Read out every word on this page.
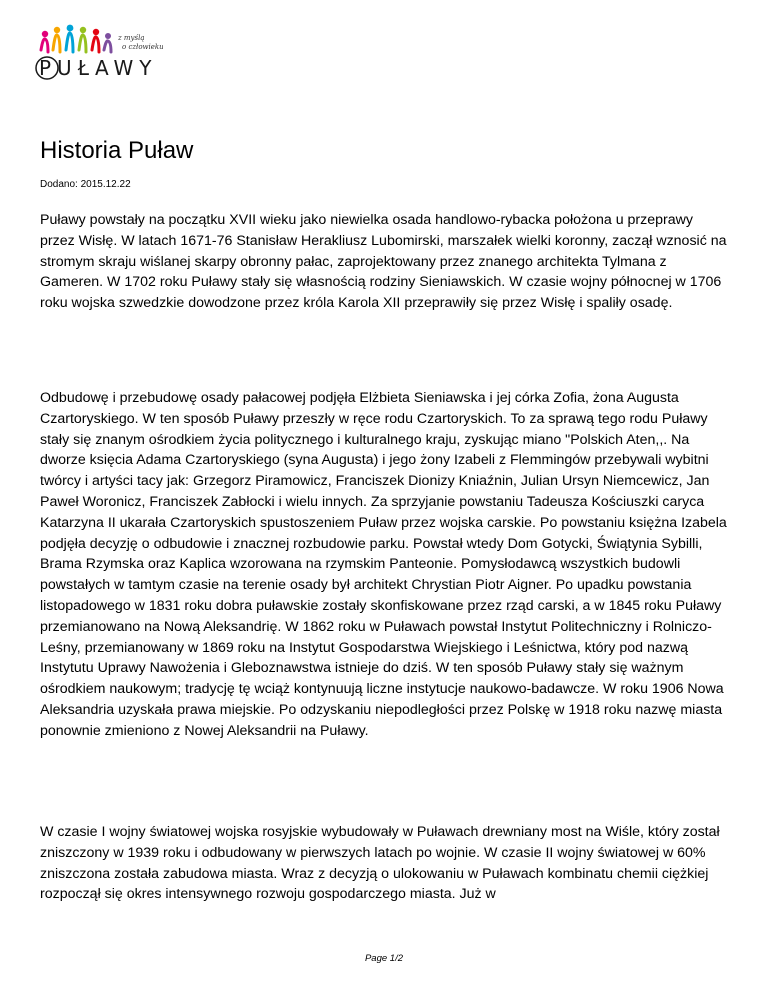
z myślą
o człowieku
PUŁAWY
Historia Puław
Dodano: 2015.12.22

Puławy powstały na początku XVII wieku jako niewielka osada handlowo-rybacka położona u przeprawy przez Wisłę. W latach 1671-76 Stanisław Herakliusz Lubomirski, marszałek wielki koronny, zaczął wznosić na stromym skraju wiślanej skarpy obronny pałac, zaprojektowany przez znanego architekta Tylmana z Gameren. W 1702 roku Puławy stały się własnością rodziny Sieniawskich. W czasie wojny północnej w 1706 roku wojska szwedzkie dowodzone przez króla Karola XII przeprawiły się przez Wisłę i spaliły osadę.

Odbudowę i przebudowę osady pałacowej podjęła Elżbieta Sieniawska i jej córka Zofia, żona Augusta Czartoryskiego. W ten sposób Puławy przeszły w ręce rodu Czartoryskich. To za sprawą tego rodu Puławy stały się znanym ośrodkiem życia politycznego i kulturalnego kraju, zyskując miano "Polskich Aten,,. Na dworze księcia Adama Czartoryskiego (syna Augusta) i jego żony Izabeli z Flemmingów przebywali wybitni twórcy i artyści tacy jak: Grzegorz Piramowicz, Franciszek Dionizy Kniaźnin, Julian Ursyn Niemcewicz, Jan Paweł Woronicz, Franciszek Zabłocki i wielu innych. Za sprzyjanie powstaniu Tadeusza Kościuszki caryca Katarzyna II ukarała Czartoryskich spustoszeniem Puław przez wojska carskie. Po powstaniu księżna Izabela podjęła decyzję o odbudowie i znacznej rozbudowie parku. Powstał wtedy Dom Gotycki, Świątynia Sybilli, Brama Rzymska oraz Kaplica wzorowana na rzymskim Panteonie. Pomysłodawcą wszystkich budowli powstałych w tamtym czasie na terenie osady był architekt Chrystian Piotr Aigner. Po upadku powstania listopadowego w 1831 roku dobra puławskie zostały skonfiskowane przez rząd carski, a w 1845 roku Puławy przemianowano na Nową Aleksandrię. W 1862 roku w Puławach powstał Instytut Politechniczny i Rolniczo-Leśny, przemianowany w 1869 roku na Instytut Gospodarstwa Wiejskiego i Leśnictwa, który pod nazwą Instytutu Uprawy Nawożenia i Gleboznawstwa istnieje do dziś. W ten sposób Puławy stały się ważnym ośrodkiem naukowym; tradycję tę wciąż kontynuują liczne instytucje naukowo-badawcze. W roku 1906 Nowa Aleksandria uzyskała prawa miejskie. Po odzyskaniu niepodległości przez Polskę w 1918 roku nazwę miasta ponownie zmieniono z Nowej Aleksandrii na Puławy.

W czasie I wojny światowej wojska rosyjskie wybudowały w Puławach drewniany most na Wiśle, który został zniszczony w 1939 roku i odbudowany w pierwszych latach po wojnie. W czasie II wojny światowej w 60% zniszczona została zabudowa miasta. Wraz z decyzją o ulokowaniu w Puławach kombinatu chemii ciężkiej rozpoczął się okres intensywnego rozwoju gospodarczego miasta. Już w

Page 1/2
